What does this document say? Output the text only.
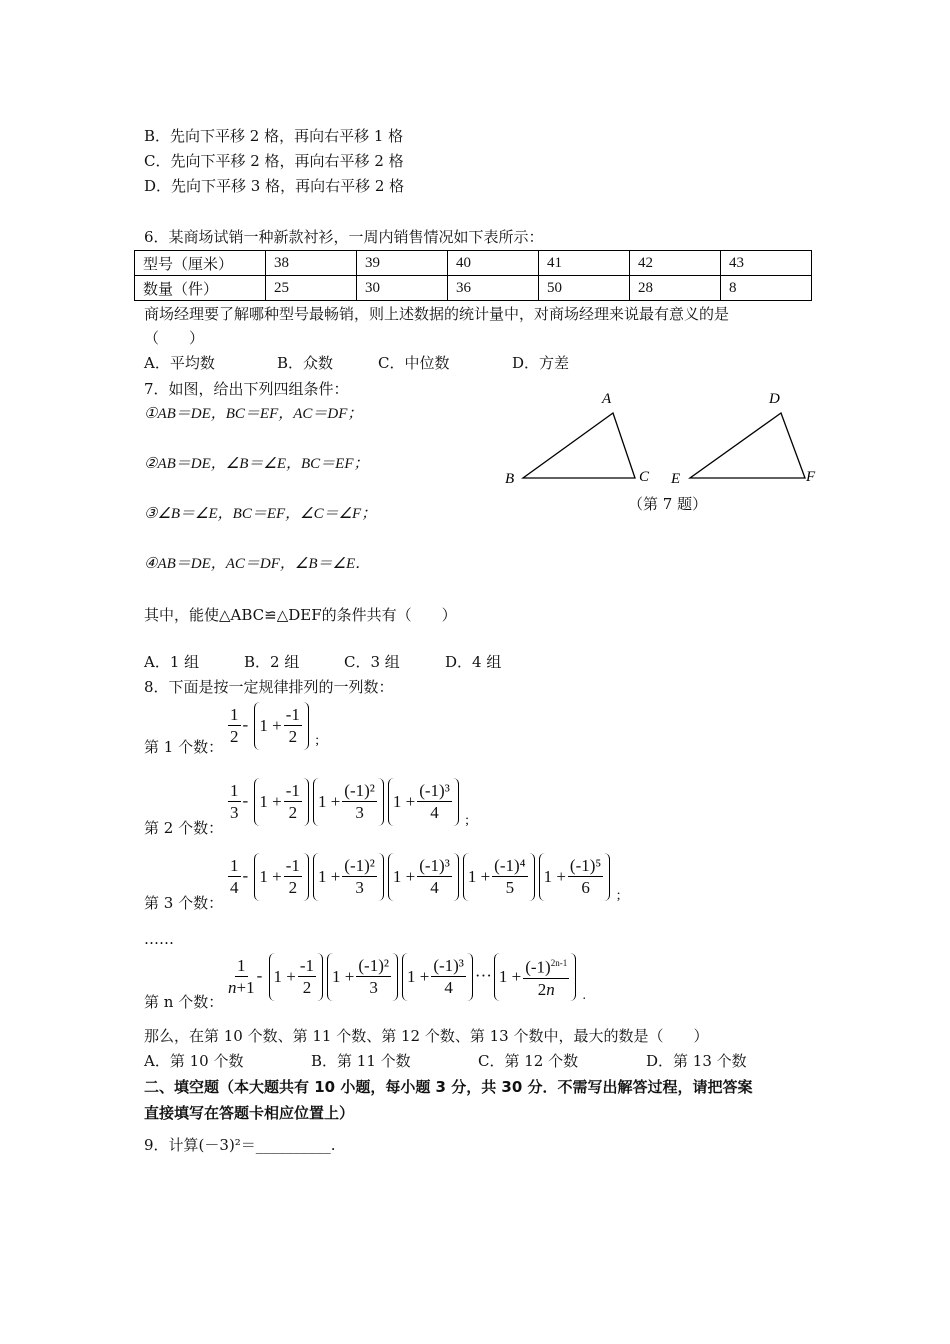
B．先向下平移 2 格，再向右平移 1 格
C．先向下平移 2 格，再向右平移 2 格
D．先向下平移 3 格，再向右平移 2 格
6．某商场试销一种新款衬衫，一周内销售情况如下表所示：
型号（厘米）	38	39	40	41	42	43
数量（件）	25	30	36	50	28	8
商场经理要了解哪种型号最畅销，则上述数据的统计量中，对商场经理来说最有意义的是
（　　）
A．平均数	B．众数	C．中位数	D．方差
7．如图，给出下列四组条件：
①AB＝DE，BC＝EF，AC＝DF；
②AB＝DE，∠B＝∠E，BC＝EF；
③∠B＝∠E，BC＝EF，∠C＝∠F；
④AB＝DE，AC＝DF，∠B＝∠E．
A
B	C
D
E	F
（第 7 题）
其中，能使△ABC≌△DEF的条件共有（　　）
A．1 组	B．2 组	C．3 组	D．4 组
8．下面是按一定规律排列的一列数：
第 1 个数： $\frac{1}{2} - 1 + \frac{-1}{2} _;$
第 2 个数：
$\frac{1}{3} - 1 + \frac{-1}{2} 1 + \frac{\text{(-1)²}}{3} 1 + \frac{\text{(-1)³}}{4} _;$
第 3 个数：
$\frac{1}{4} - 1 + \frac{-1}{2} 1 + \frac{\text{(-1)²}}{3} 1 + \frac{\text{(-1)³}}{4} 1 + \frac{\text{(-1)⁴}}{5} 1 + \frac{\text{(-1)⁵}}{6} _;$
……
第 n 个数：
$\frac{1}{n+1} - 1 + \frac{-1}{2} 1 + \frac{\text{(-1)²}}{3} 1 + \frac{\text{(-1)³}}{4}$ ··· $1 + \frac{(-1)^{2n-1}}{2n} _.$
那么，在第 10 个数、第 11 个数、第 12 个数、第 13 个数中，最大的数是（　　）
A．第 10 个数	B．第 11 个数	C．第 12 个数	D．第 13 个数
二、填空题（本大题共有 10 小题，每小题 3 分，共 30 分．不需写出解答过程，请把答案
直接填写在答题卡相应位置上）
9．计算(－3)²＝__________.
